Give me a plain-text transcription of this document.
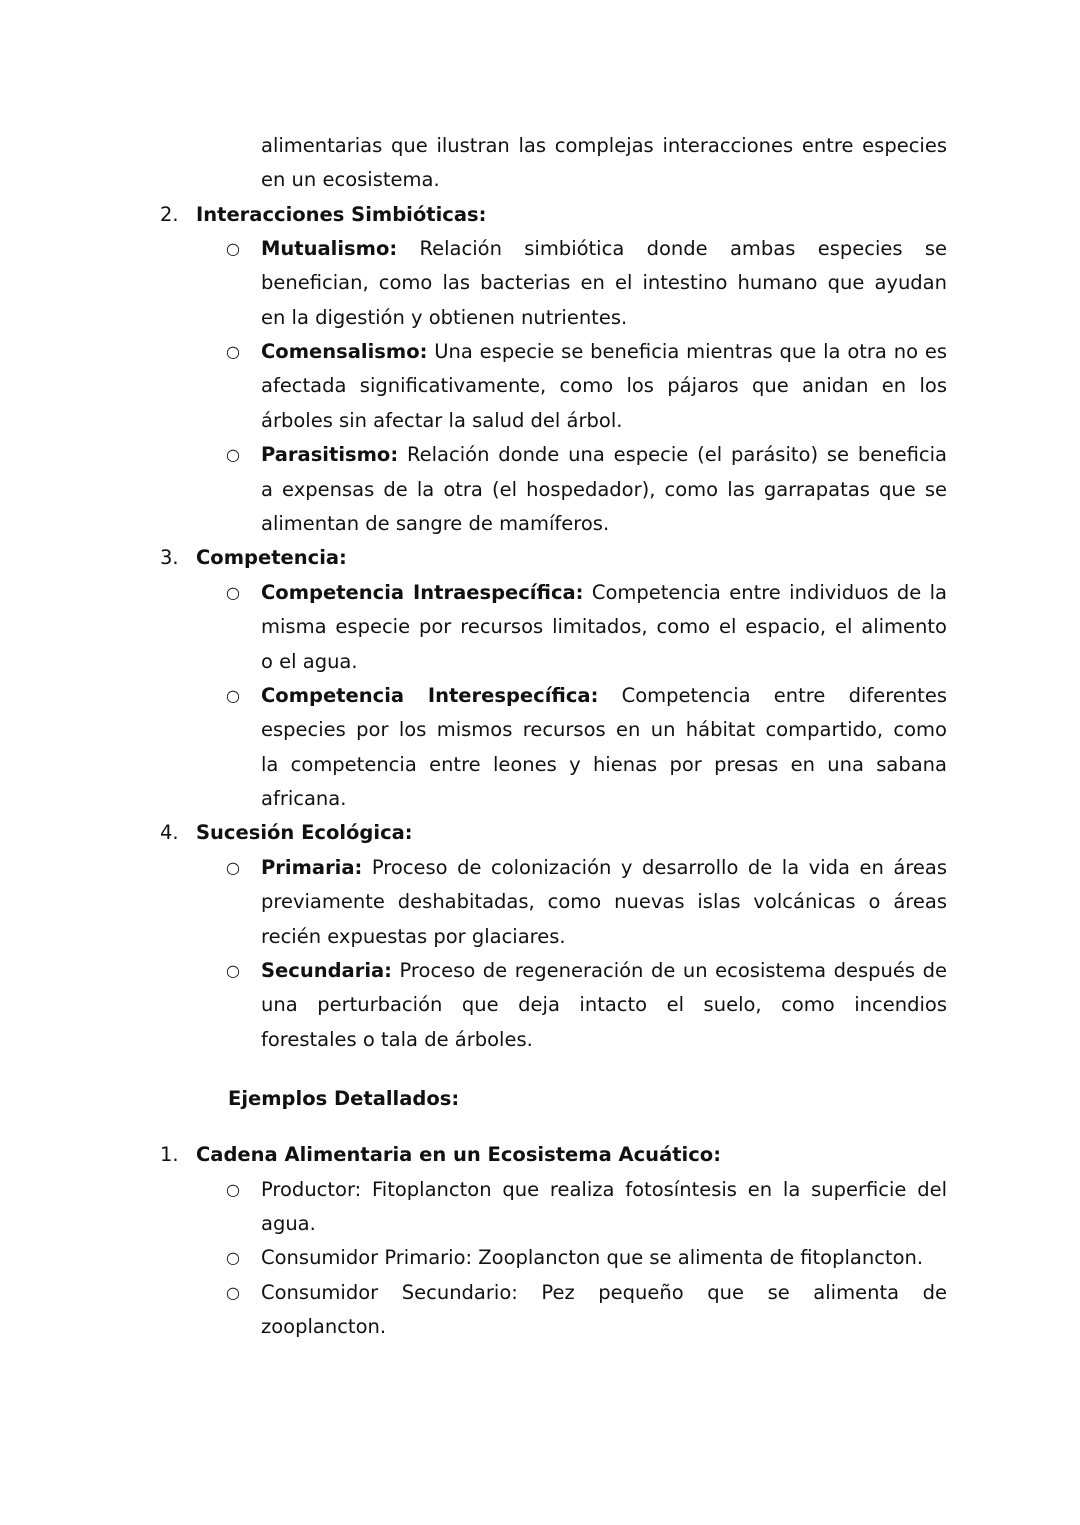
alimentarias que ilustran las complejas interacciones entre especies
en un ecosistema.
2. Interacciones Simbióticas:
○ Mutualismo: Relación simbiótica donde ambas especies se
benefician, como las bacterias en el intestino humano que ayudan
en la digestión y obtienen nutrientes.
○ Comensalismo: Una especie se beneficia mientras que la otra no es
afectada significativamente, como los pájaros que anidan en los
árboles sin afectar la salud del árbol.
○ Parasitismo: Relación donde una especie (el parásito) se beneficia
a expensas de la otra (el hospedador), como las garrapatas que se
alimentan de sangre de mamíferos.
3. Competencia:
○ Competencia Intraespecífica: Competencia entre individuos de la
misma especie por recursos limitados, como el espacio, el alimento
o el agua.
○ Competencia Interespecífica: Competencia entre diferentes
especies por los mismos recursos en un hábitat compartido, como
la competencia entre leones y hienas por presas en una sabana
africana.
4. Sucesión Ecológica:
○ Primaria: Proceso de colonización y desarrollo de la vida en áreas
previamente deshabitadas, como nuevas islas volcánicas o áreas
recién expuestas por glaciares.
○ Secundaria: Proceso de regeneración de un ecosistema después de
una perturbación que deja intacto el suelo, como incendios
forestales o tala de árboles.
Ejemplos Detallados:
1. Cadena Alimentaria en un Ecosistema Acuático:
○ Productor: Fitoplancton que realiza fotosíntesis en la superficie del
agua.
○ Consumidor Primario: Zooplancton que se alimenta de fitoplancton.
○ Consumidor Secundario: Pez pequeño que se alimenta de
zooplancton.
